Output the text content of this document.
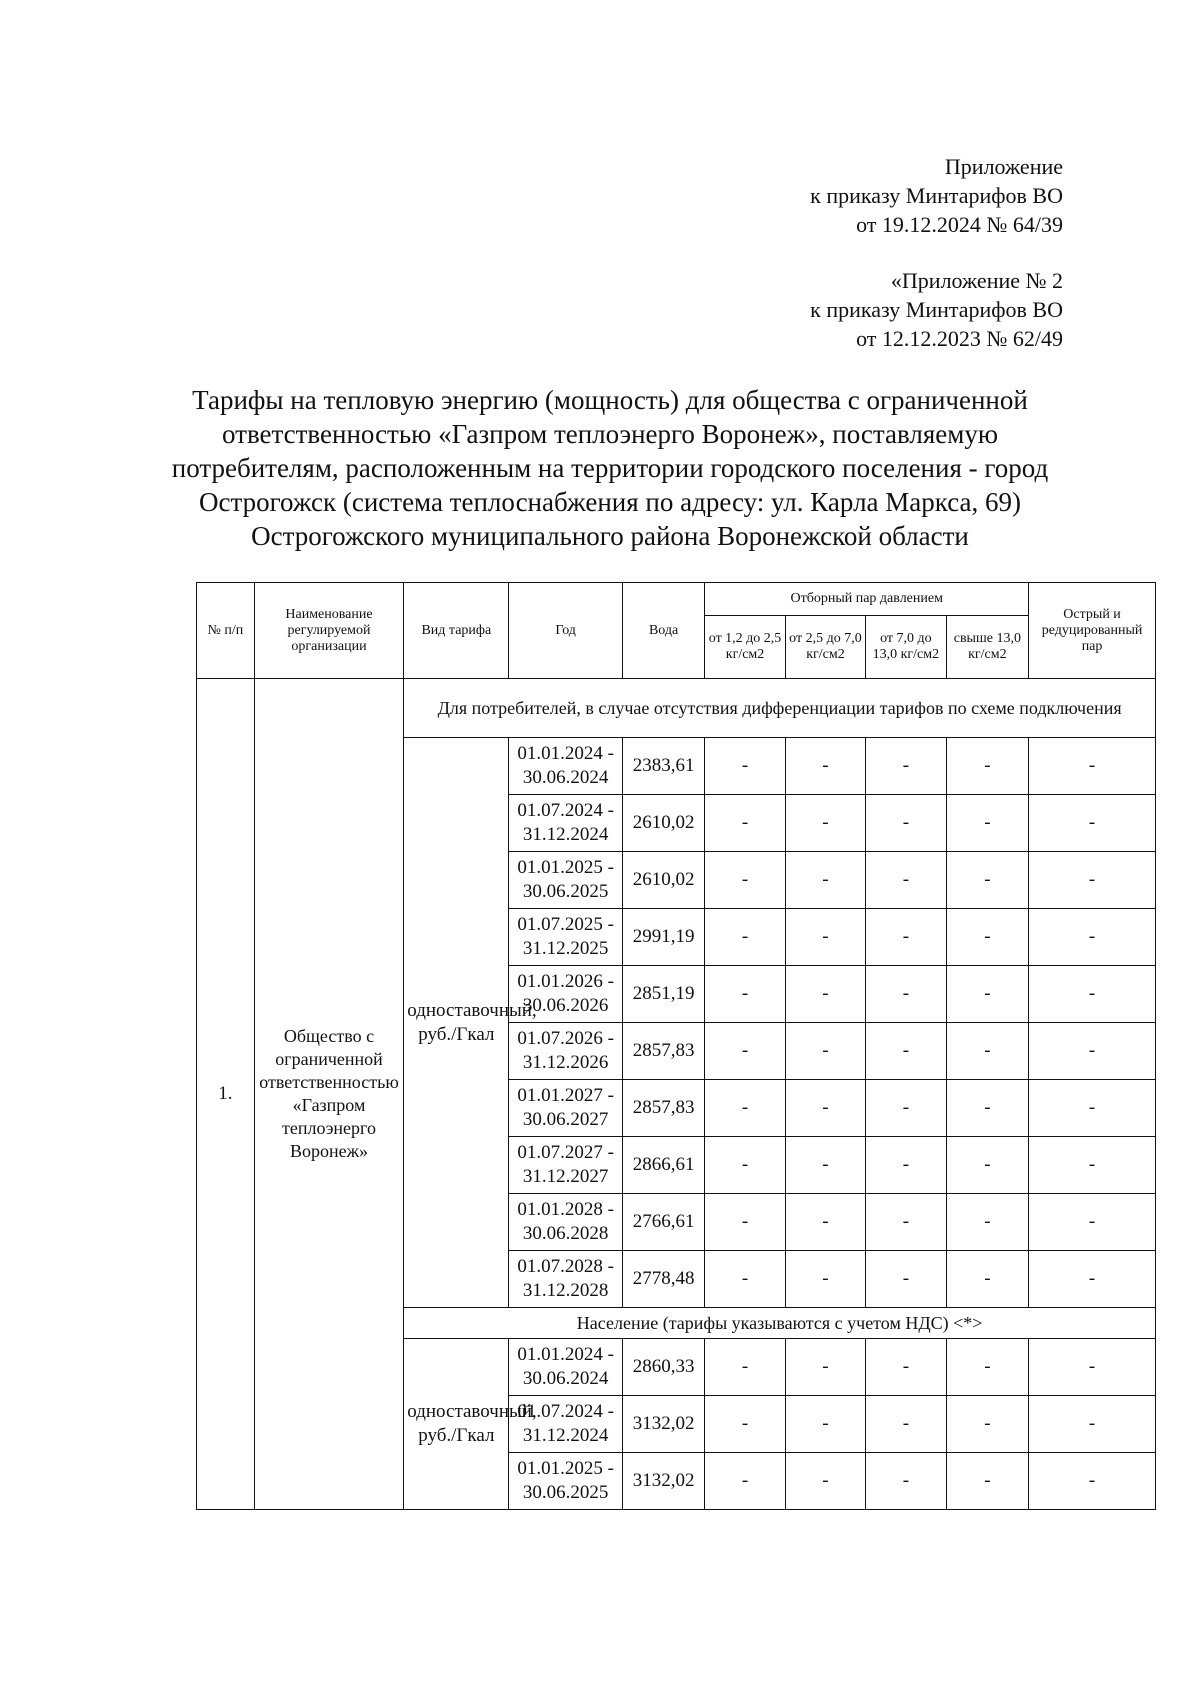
Приложение
к приказу Минтарифов ВО
от 19.12.2024 № 64/39
«Приложение № 2
к приказу Минтарифов ВО
от 12.12.2023 № 62/49
Тарифы на тепловую энергию (мощность) для общества с ограниченной
ответственностью «Газпром теплоэнерго Воронеж», поставляемую
потребителям, расположенным на территории городского поселения - город
Острогожск (система теплоснабжения по адресу: ул. Карла Маркса, 69)
Острогожского муниципального района Воронежской области
№ п/п	Наименование регулируемой организации	Вид тарифа	Год	Вода	Отборный пар давлением				Острый и редуцированный пар
					от 1,2 до 2,5 кг/см2	от 2,5 до 7,0 кг/см2	от 7,0 до 13,0 кг/см2	свыше 13,0 кг/см2	
1.	Общество с ограниченной ответственностью «Газпром теплоэнерго Воронеж»	Для потребителей, в случае отсутствия дифференциации тарифов по схеме подключения							
		одноставочный, руб./Гкал	01.01.2024 - 30.06.2024	2383,61	-	-	-	-	-
			01.07.2024 - 31.12.2024	2610,02	-	-	-	-	-
			01.01.2025 - 30.06.2025	2610,02	-	-	-	-	-
			01.07.2025 - 31.12.2025	2991,19	-	-	-	-	-
			01.01.2026 - 30.06.2026	2851,19	-	-	-	-	-
			01.07.2026 - 31.12.2026	2857,83	-	-	-	-	-
			01.01.2027 - 30.06.2027	2857,83	-	-	-	-	-
			01.07.2027 - 31.12.2027	2866,61	-	-	-	-	-
			01.01.2028 - 30.06.2028	2766,61	-	-	-	-	-
			01.07.2028 - 31.12.2028	2778,48	-	-	-	-	-
		Население (тарифы указываются с учетом НДС) <*>							
		одноставочный, руб./Гкал	01.01.2024 - 30.06.2024	2860,33	-	-	-	-	-
			01.07.2024 - 31.12.2024	3132,02	-	-	-	-	-
			01.01.2025 - 30.06.2025	3132,02	-	-	-	-	-
